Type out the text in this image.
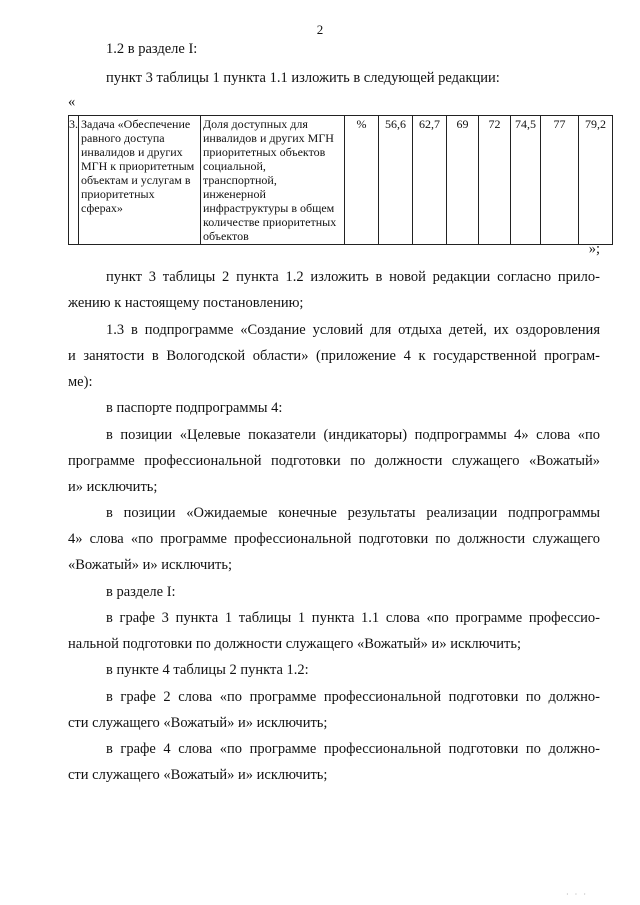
2
1.2 в разделе I:
пункт 3 таблицы 1 пункта 1.1 изложить в следующей редакции:
«
3.	Задача «Обеспечение равного доступа инвалидов и других МГН к приоритетным объектам и услугам в приоритетных сферах»	Доля доступных для инвалидов и других МГН приоритетных объектов социальной, транспортной, инженерной инфраструктуры в общем количестве приоритетных объектов	%	56,6	62,7	69	72	74,5	77	79,2
»;
пункт 3 таблицы 2 пункта 1.2 изложить в новой редакции согласно прило-
жению к настоящему постановлению;
1.3 в подпрограмме «Создание условий для отдыха детей, их оздоровления
и занятости в Вологодской области» (приложение 4 к государственной програм-
ме):
в паспорте подпрограммы 4:
в позиции «Целевые показатели (индикаторы) подпрограммы 4» слова «по
программе профессиональной подготовки по должности служащего «Вожатый»
и» исключить;
в позиции «Ожидаемые конечные результаты реализации подпрограммы
4» слова «по программе профессиональной подготовки по должности служащего
«Вожатый» и» исключить;
в разделе I:
в графе 3 пункта 1 таблицы 1 пункта 1.1 слова «по программе профессио-
нальной подготовки по должности служащего «Вожатый» и» исключить;
в пункте 4 таблицы 2 пункта 1.2:
в графе 2 слова «по программе профессиональной подготовки по должно-
сти служащего «Вожатый» и» исключить;
в графе 4 слова «по программе профессиональной подготовки по должно-
сти служащего «Вожатый» и» исключить;
· · ·
